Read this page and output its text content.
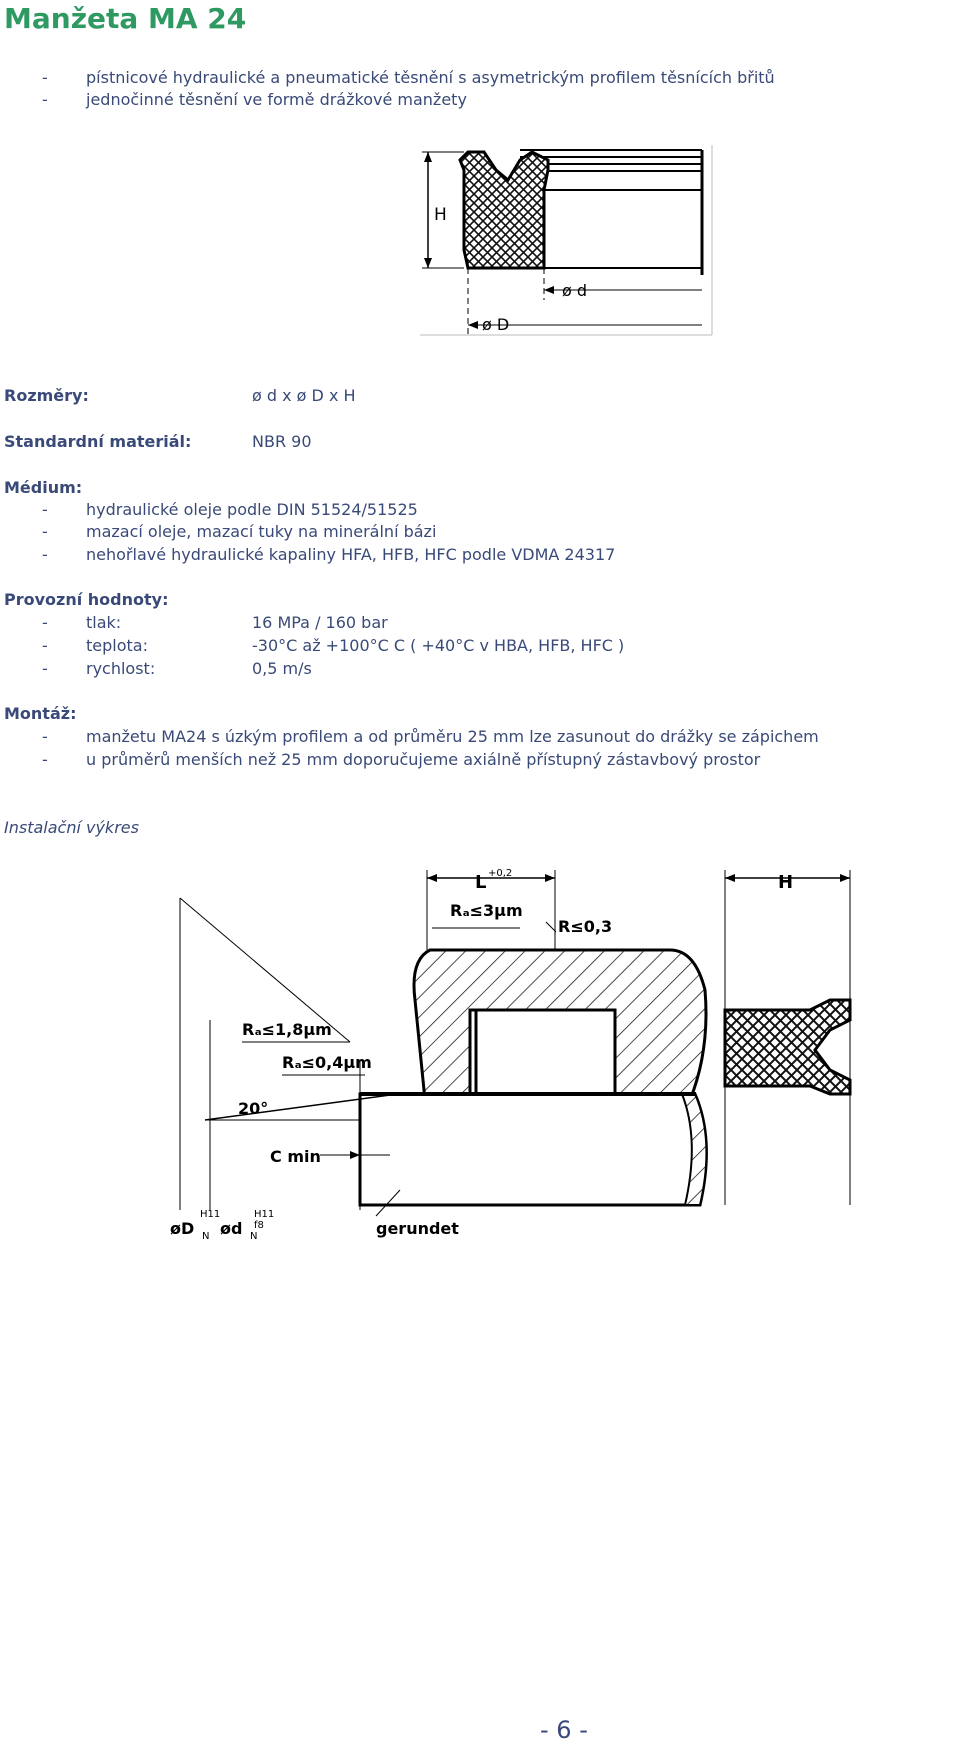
Manžeta MA 24
- pístnicové hydraulické a pneumatické těsnění s asymetrickým profilem těsnících břitů
- jednočinné těsnění ve formě drážkové manžety
H
ø d
ø D
Rozměry:	ø d x ø D x H
Standardní materiál:	NBR 90
Médium:
- hydraulické oleje podle DIN 51524/51525
- mazací oleje, mazací tuky na minerální bázi
- nehořlavé hydraulické kapaliny HFA, HFB, HFC podle VDMA 24317
Provozní hodnoty:
- tlak:	16 MPa / 160 bar
- teplota:	-30°C až +100°C C ( +40°C v HBA, HFB, HFC )
- rychlost:	0,5 m/s
Montáž:
- manžetu MA24 s úzkým profilem a od průměru 25 mm lze zasunout do drážky se zápichem
- u průměrů menších než 25 mm doporučujeme axiálně přístupný zástavbový prostor
Instalační výkres
C min
20°
Rₐ≤1,8μm
Rₐ≤0,4μm
L +0,2
Rₐ≤3μm
R≤0,3
gerundet
øD N
H11
ød N
H11
f8
H
- 6 -
